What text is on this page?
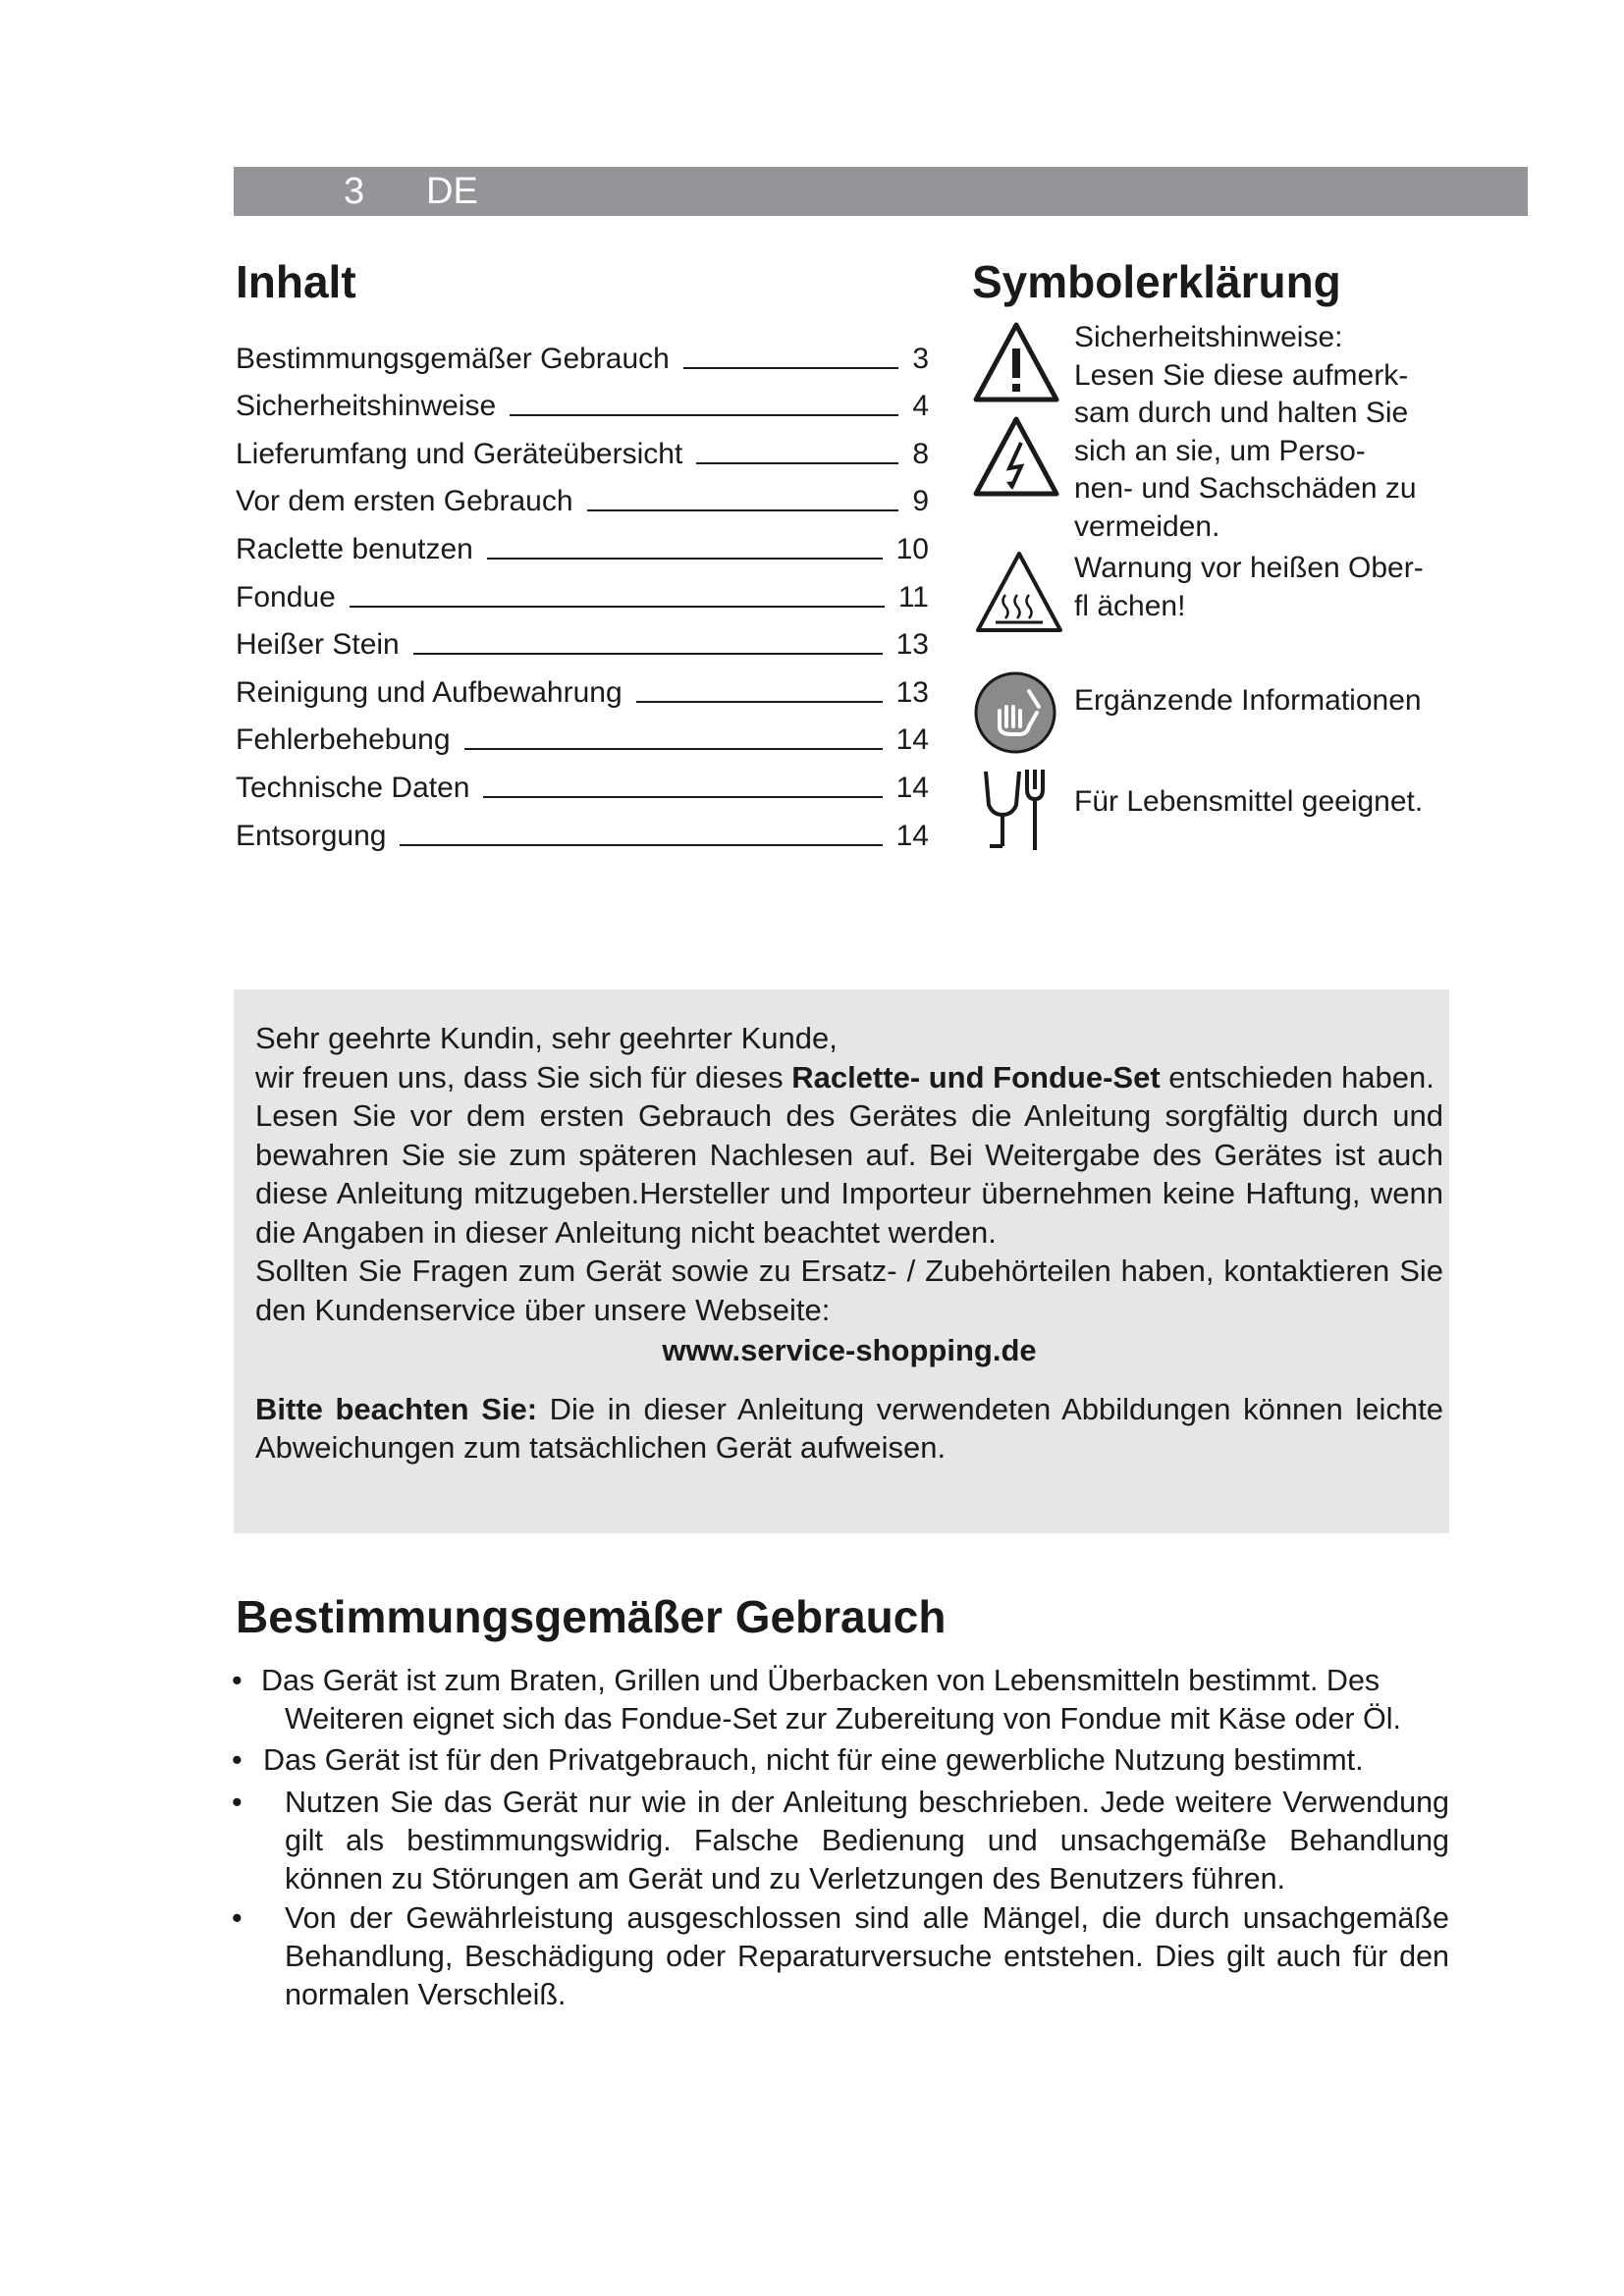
3 DE
Inhalt
Bestimmungsgemäßer Gebrauch	3
Sicherheitshinweise	4
Lieferumfang und Geräteübersicht	8
Vor dem ersten Gebrauch	9
Raclette benutzen	10
Fondue	11
Heißer Stein	13
Reinigung und Aufbewahrung	13
Fehlerbehebung	14
Technische Daten	14
Entsorgung	14
Symbolerklärung
Sicherheitshinweise:
Lesen Sie diese aufmerk-
sam durch und halten Sie
sich an sie, um Perso-
nen- und Sachschäden zu
vermeiden.
Warnung vor heißen Ober-
fl ächen!
Ergänzende Informationen
Für Lebensmittel geeignet.

Sehr geehrte Kundin, sehr geehrter Kunde,

wir freuen uns, dass Sie sich für dieses Raclette- und Fondue-Set entschieden haben.

Lesen Sie vor dem ersten Gebrauch des Gerätes die Anleitung sorgfältig durch und bewahren Sie sie zum späteren Nachlesen auf. Bei Weitergabe des Gerätes ist auch diese Anleitung mitzugeben.Hersteller und Importeur übernehmen keine Haftung, wenn die Angaben in dieser Anleitung nicht beachtet werden.

Sollten Sie Fragen zum Gerät sowie zu Ersatz- / Zubehörteilen haben, kontaktieren Sie den Kundenservice über unsere Webseite:

www.service-shopping.de

Bitte beachten Sie: Die in dieser Anleitung verwendeten Abbildungen können leichte Abweichungen zum tatsächlichen Gerät aufweisen.

Bestimmungsgemäßer Gebrauch
• Das Gerät ist zum Braten, Grillen und Überbacken von Lebensmitteln bestimmt. Des
Weiteren eignet sich das Fondue-Set zur Zubereitung von Fondue mit Käse oder Öl.
• Das Gerät ist für den Privatgebrauch, nicht für eine gewerbliche Nutzung bestimmt.
•	Nutzen Sie das Gerät nur wie in der Anleitung beschrieben. Jede weitere Verwendung gilt als bestimmungswidrig. Falsche Bedienung und unsachgemäße Behandlung können zu Störungen am Gerät und zu Verletzungen des Benutzers führen.
•	Von der Gewährleistung ausgeschlossen sind alle Mängel, die durch unsachgemäße Behandlung, Beschädigung oder Reparaturversuche entstehen. Dies gilt auch für den normalen Verschleiß.
